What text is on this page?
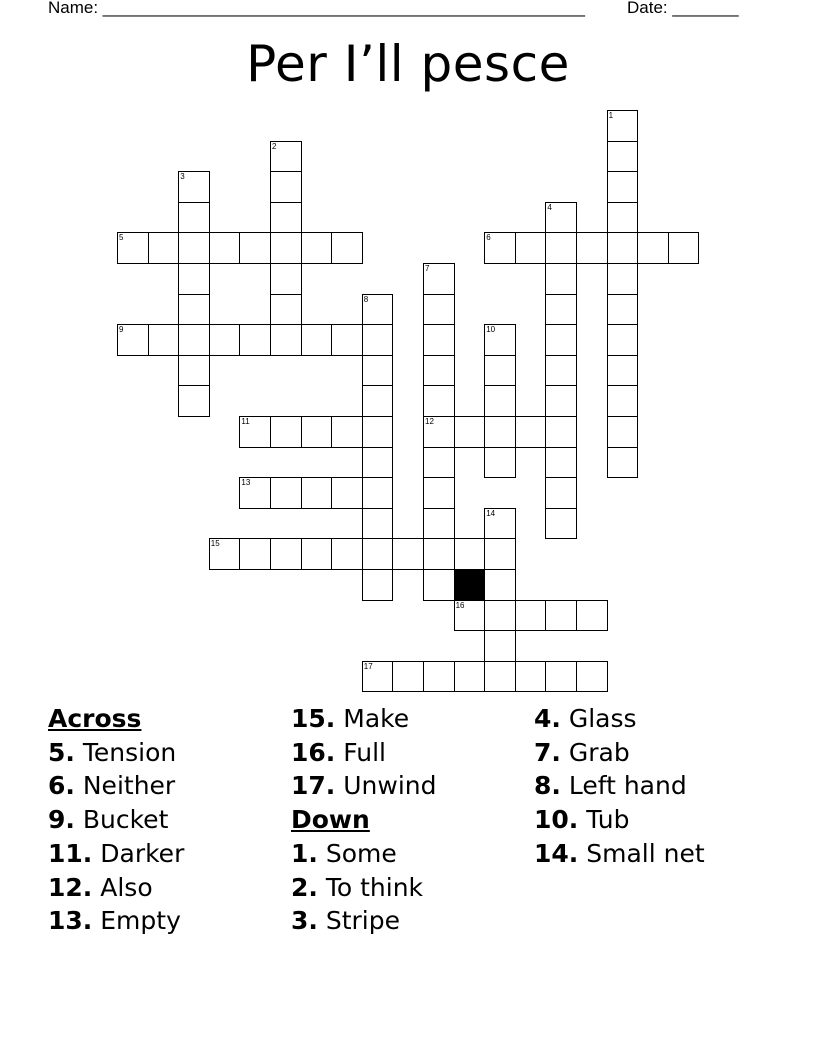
Name: ___________________________________________________ Date: _______
Per I’ll pesce
1
2
3
4
5	6
7
8
9	10
11	12
13
14
15
16
17
Across
5. Tension
6. Neither
9. Bucket
11. Darker
12. Also
13. Empty
15. Make
16. Full
17. Unwind
Down
1. Some
2. To think
3. Stripe
4. Glass
7. Grab
8. Left hand
10. Tub
14. Small net
